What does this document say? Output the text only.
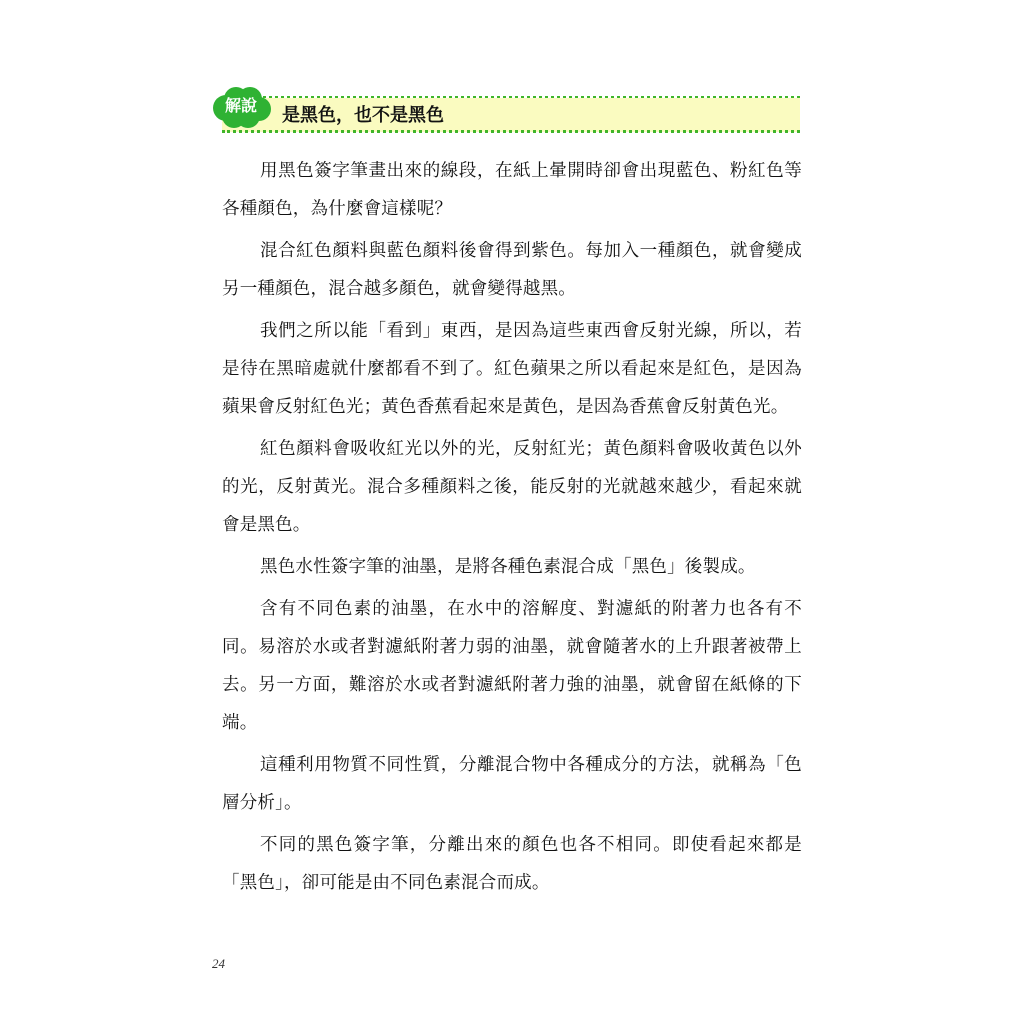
解說	是黑色，也不是黑色

用黑色簽字筆畫出來的線段，在紙上暈開時卻會出現藍色、粉紅色等各種顏色，為什麼會這樣呢？

混合紅色顏料與藍色顏料後會得到紫色。每加入一種顏色，就會變成另一種顏色，混合越多顏色，就會變得越黑。

我們之所以能「看到」東西，是因為這些東西會反射光線，所以，若是待在黑暗處就什麼都看不到了。紅色蘋果之所以看起來是紅色，是因為蘋果會反射紅色光；黃色香蕉看起來是黃色，是因為香蕉會反射黃色光。

紅色顏料會吸收紅光以外的光，反射紅光；黃色顏料會吸收黃色以外的光，反射黃光。混合多種顏料之後，能反射的光就越來越少，看起來就會是黑色。

黑色水性簽字筆的油墨，是將各種色素混合成「黑色」後製成。

含有不同色素的油墨，在水中的溶解度、對濾紙的附著力也各有不同。易溶於水或者對濾紙附著力弱的油墨，就會隨著水的上升跟著被帶上去。另一方面，難溶於水或者對濾紙附著力強的油墨，就會留在紙條的下端。

這種利用物質不同性質，分離混合物中各種成分的方法，就稱為「色層分析」。

不同的黑色簽字筆，分離出來的顏色也各不相同。即使看起來都是「黑色」，卻可能是由不同色素混合而成。

24
